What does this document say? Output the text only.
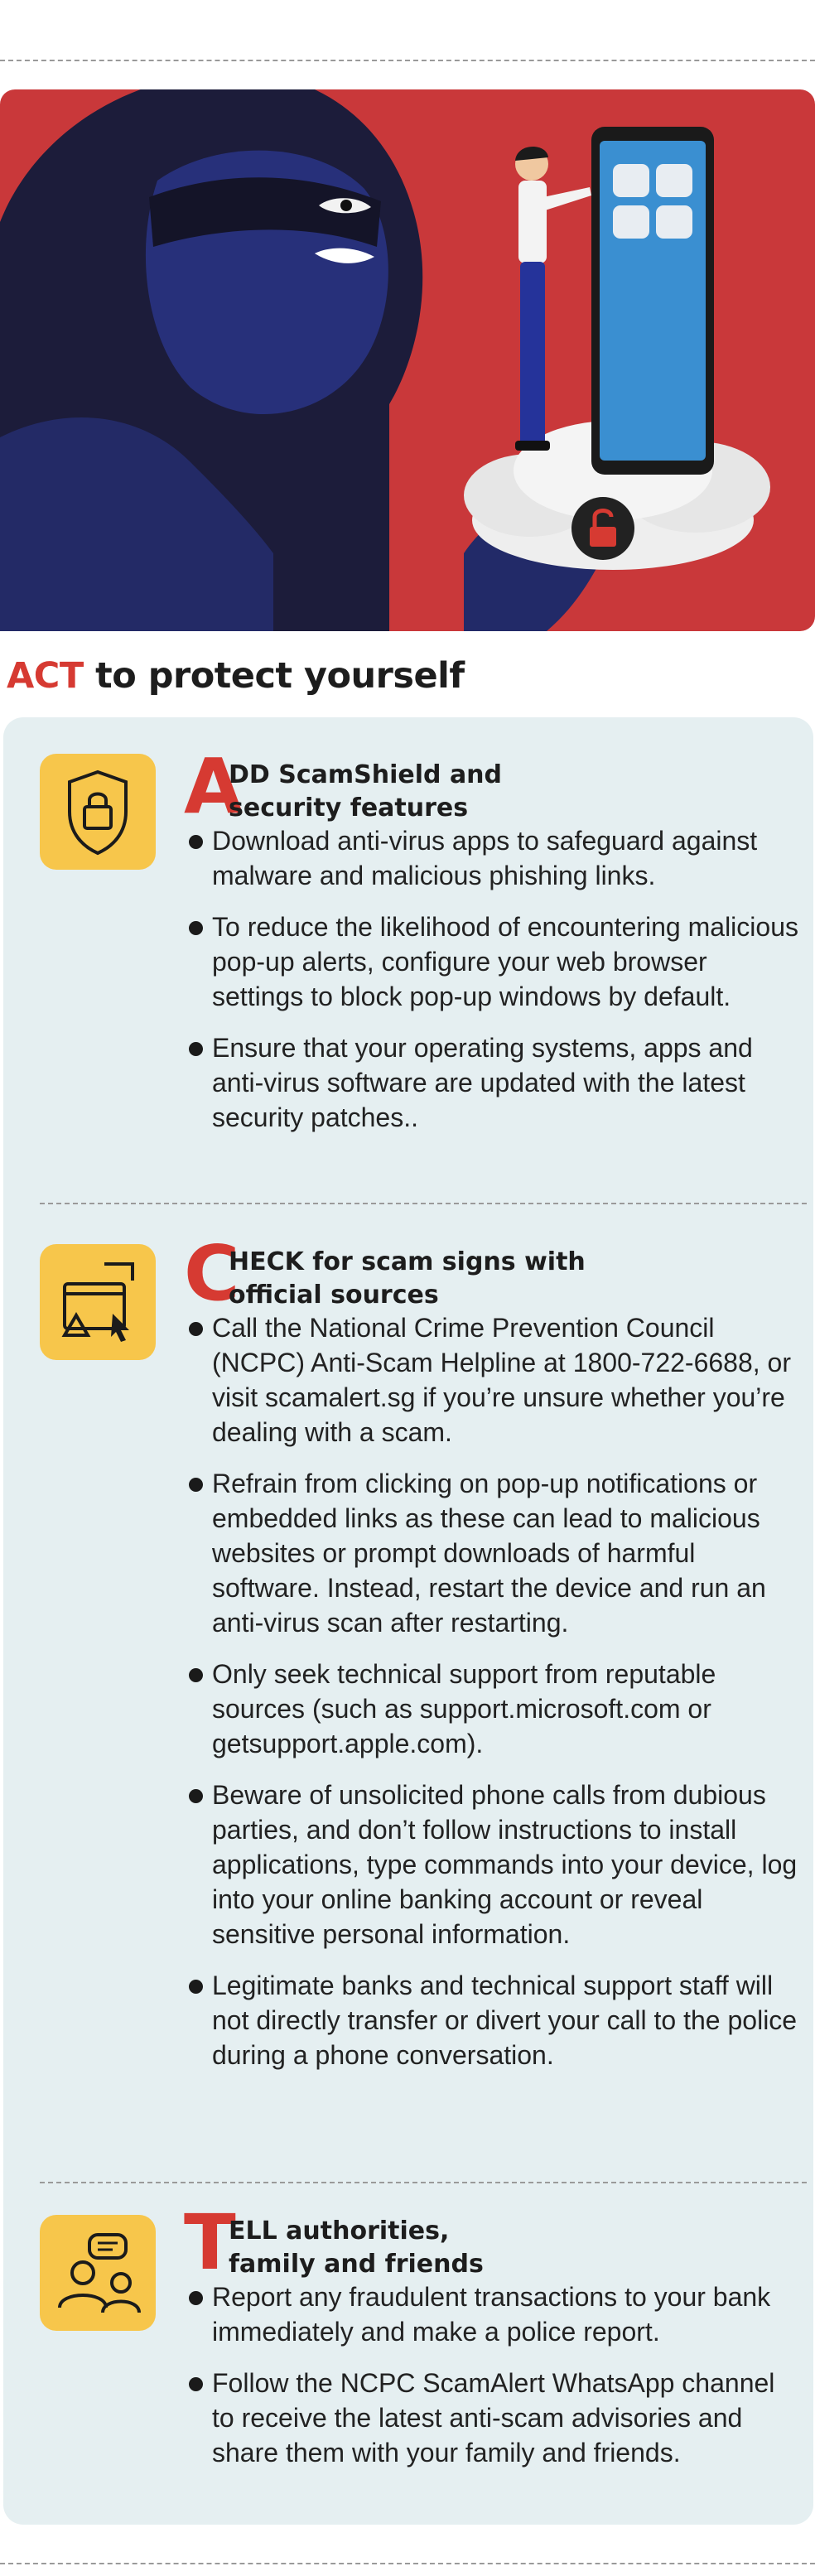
ACT to protect yourself
A
DD ScamShield and
security features
Download anti-virus apps to safeguard against malware and malicious phishing links.
To reduce the likelihood of encountering malicious pop-up alerts, configure your web browser settings to block pop-up windows by default.
Ensure that your operating systems, apps and anti-virus software are updated with the latest security patches..
C
HECK for scam signs with
official sources
Call the National Crime Prevention Council (NCPC) Anti-Scam Helpline at 1800-722-6688, or visit scamalert.sg if you’re unsure whether you’re dealing with a scam.
Refrain from clicking on pop-up notifications or embedded links as these can lead to malicious websites or prompt downloads of harmful software. Instead, restart the device and run an anti-virus scan after restarting.
Only seek technical support from reputable sources (such as support.microsoft.com or getsupport.apple.com).
Beware of unsolicited phone calls from dubious parties, and don’t follow instructions to install applications, type commands into your device, log into your online banking account or reveal sensitive personal information.
Legitimate banks and technical support staff will not directly transfer or divert your call to the police during a phone conversation.
T
ELL authorities,
family and friends
Report any fraudulent transactions to your bank immediately and make a police report.
Follow the NCPC ScamAlert WhatsApp channel to receive the latest anti-scam advisories and share them with your family and friends.
